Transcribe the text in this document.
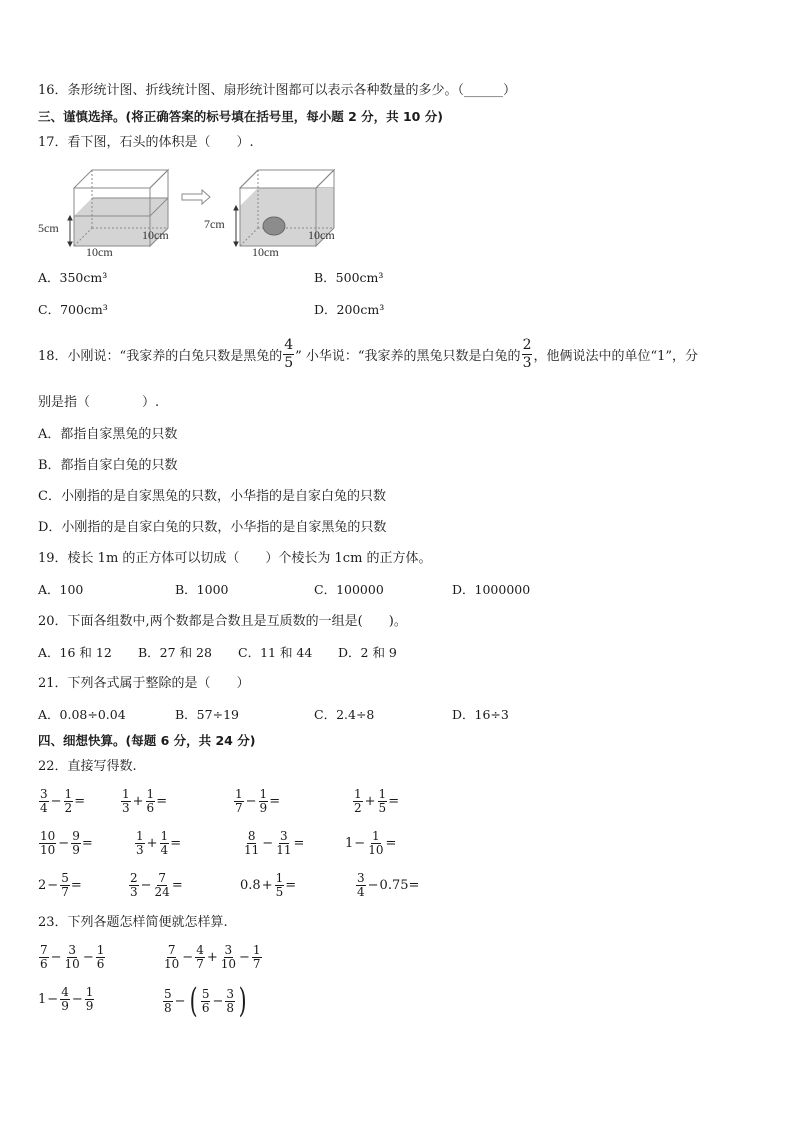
16．条形统计图、折线统计图、扇形统计图都可以表示各种数量的多少。（______）
三、谨慎选择。(将正确答案的标号填在括号里，每小题 2 分，共 10 分)
17．看下图，石头的体积是（　　）.
5cm
10cm
10cm
7cm
10cm
10cm
A．350cm³	B．500cm³
C．700cm³	D．200cm³
18．小刚说：“我家养的白兔只数是黑兔的 $\frac{4}{5}$ ” 小华说：“我家养的黑兔只数是白兔的 $\frac{2}{3}$ ，他俩说法中的单位“1”，分
别是指（　　　　）.
A．都指自家黑兔的只数
B．都指自家白兔的只数
C．小刚指的是自家黑兔的只数，小华指的是自家白兔的只数
D．小刚指的是自家白兔的只数，小华指的是自家黑兔的只数
19．棱长 1m 的正方体可以切成（　　）个棱长为 1cm 的正方体。
A．100	B．1000	C．100000	D．1000000
20．下面各组数中,两个数都是合数且是互质数的一组是(　　)。
A．16 和 12 B．27 和 28 C．11 和 44 D．2 和 9
21．下列各式属于整除的是（　　）
A．0.08÷0.04	B．57÷19	C．2.4÷8	D．16÷3
四、细想快算。(每题 6 分，共 24 分)
22．直接写得数.
$\frac{3}{4} - \frac{1}{2}$ =	$\frac{1}{3} + \frac{1}{6}$ =	$\frac{1}{7} - \frac{1}{9}$ =	$\frac{1}{2} + \frac{1}{5}$ =
$\frac{10}{10} - \frac{9}{9}$ =	$\frac{1}{3} + \frac{1}{4}$ =	$\frac{8}{11} - \frac{3}{11}$ =	$1 - \frac{1}{10}$ =
$2 - \frac{5}{7}$ =	$\frac{2}{3} - \frac{7}{24}$ =	$0.8 + \frac{1}{5}$ =	$\frac{3}{4} - 0.75$ =
23．下列各题怎样简便就怎样算.
$\frac{7}{6} - \frac{3}{10} - \frac{1}{6}$	$\frac{7}{10} - \frac{4}{7} + \frac{3}{10} - \frac{1}{7}$
$1 - \frac{4}{9} - \frac{1}{9}$	$\frac{5}{8}$ − ( $\frac{5}{6} - \frac{3}{8}$ )
